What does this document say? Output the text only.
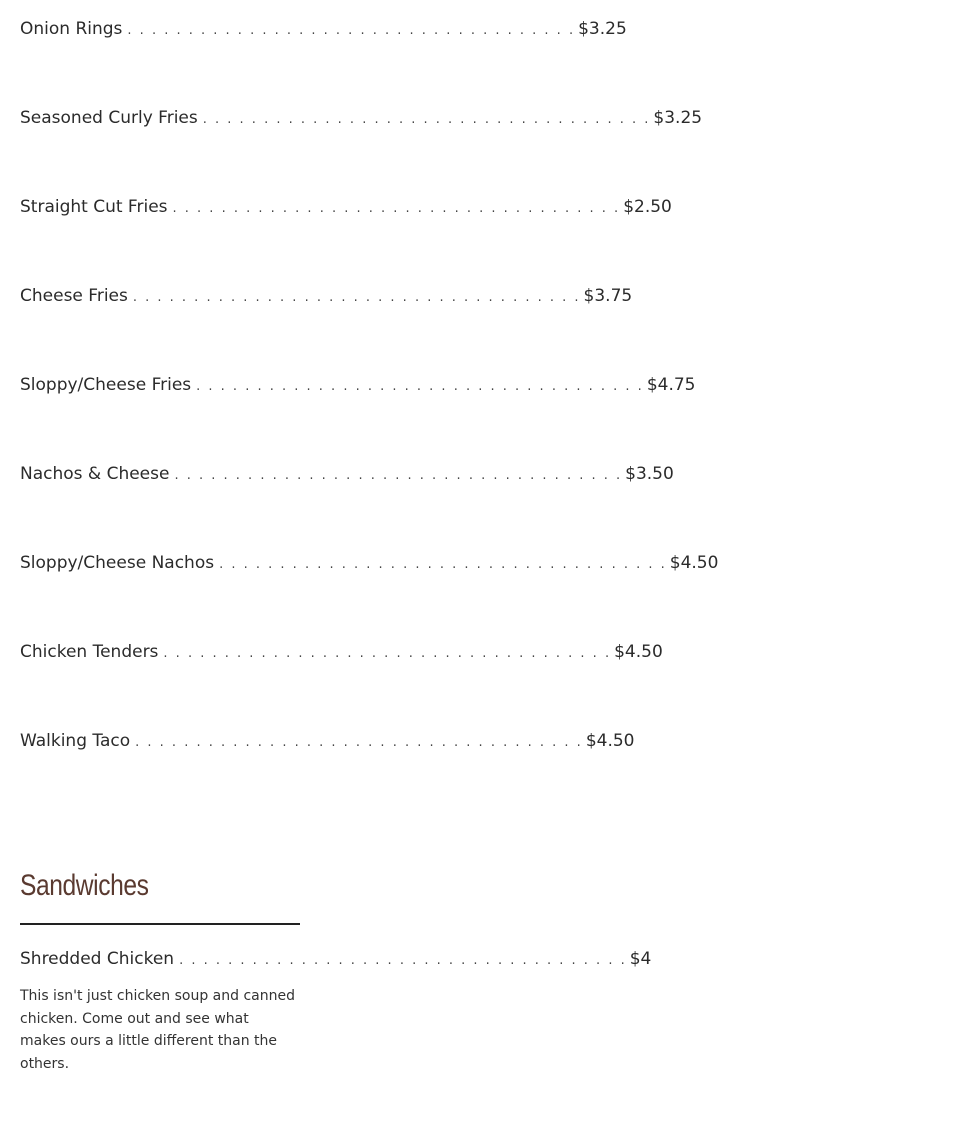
Onion Rings . . . . . . . . . . . . . . . . . . . . . . . . . . . . . . . . . . . . . $3.25
Seasoned Curly Fries . . . . . . . . . . . . . . . . . . . . . . . . . . . . . . . . . . . . . $3.25
Straight Cut Fries . . . . . . . . . . . . . . . . . . . . . . . . . . . . . . . . . . . . . $2.50
Cheese Fries . . . . . . . . . . . . . . . . . . . . . . . . . . . . . . . . . . . . . $3.75
Sloppy/Cheese Fries . . . . . . . . . . . . . . . . . . . . . . . . . . . . . . . . . . . . . $4.75
Nachos & Cheese . . . . . . . . . . . . . . . . . . . . . . . . . . . . . . . . . . . . . $3.50
Sloppy/Cheese Nachos . . . . . . . . . . . . . . . . . . . . . . . . . . . . . . . . . . . . . $4.50
Chicken Tenders . . . . . . . . . . . . . . . . . . . . . . . . . . . . . . . . . . . . . $4.50
Walking Taco . . . . . . . . . . . . . . . . . . . . . . . . . . . . . . . . . . . . . $4.50
Sandwiches
Shredded Chicken . . . . . . . . . . . . . . . . . . . . . . . . . . . . . . . . . . . . . $4
This isn't just chicken soup and canned chicken. Come out and see what makes ours a little different than the others.
